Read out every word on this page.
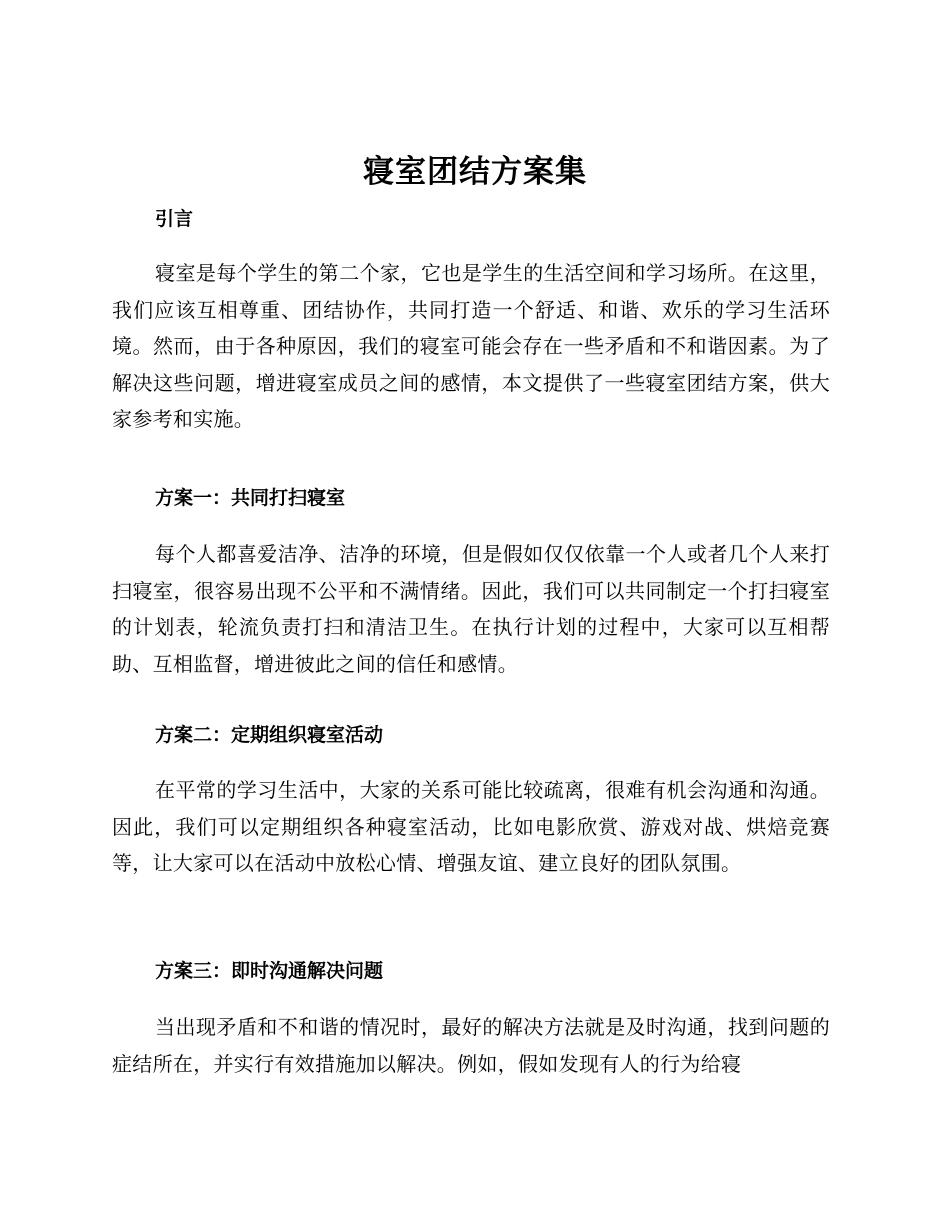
寝室团结方案集
引言

寝室是每个学生的第二个家，它也是学生的生活空间和学习场所。在这里，我们应该互相尊重、团结协作，共同打造一个舒适、和谐、欢乐的学习生活环境。然而，由于各种原因，我们的寝室可能会存在一些矛盾和不和谐因素。为了解决这些问题，增进寝室成员之间的感情，本文提供了一些寝室团结方案，供大家参考和实施。

方案一：共同打扫寝室

每个人都喜爱洁净、洁净的环境，但是假如仅仅依靠一个人或者几个人来打扫寝室，很容易出现不公平和不满情绪。因此，我们可以共同制定一个打扫寝室的计划表，轮流负责打扫和清洁卫生。在执行计划的过程中，大家可以互相帮助、互相监督，增进彼此之间的信任和感情。

方案二：定期组织寝室活动

在平常的学习生活中，大家的关系可能比较疏离，很难有机会沟通和沟通。因此，我们可以定期组织各种寝室活动，比如电影欣赏、游戏对战、烘焙竞赛等，让大家可以在活动中放松心情、增强友谊、建立良好的团队氛围。

方案三：即时沟通解决问题

当出现矛盾和不和谐的情况时，最好的解决方法就是及时沟通，找到问题的症结所在，并实行有效措施加以解决。例如，假如发现有人的行为给寝
